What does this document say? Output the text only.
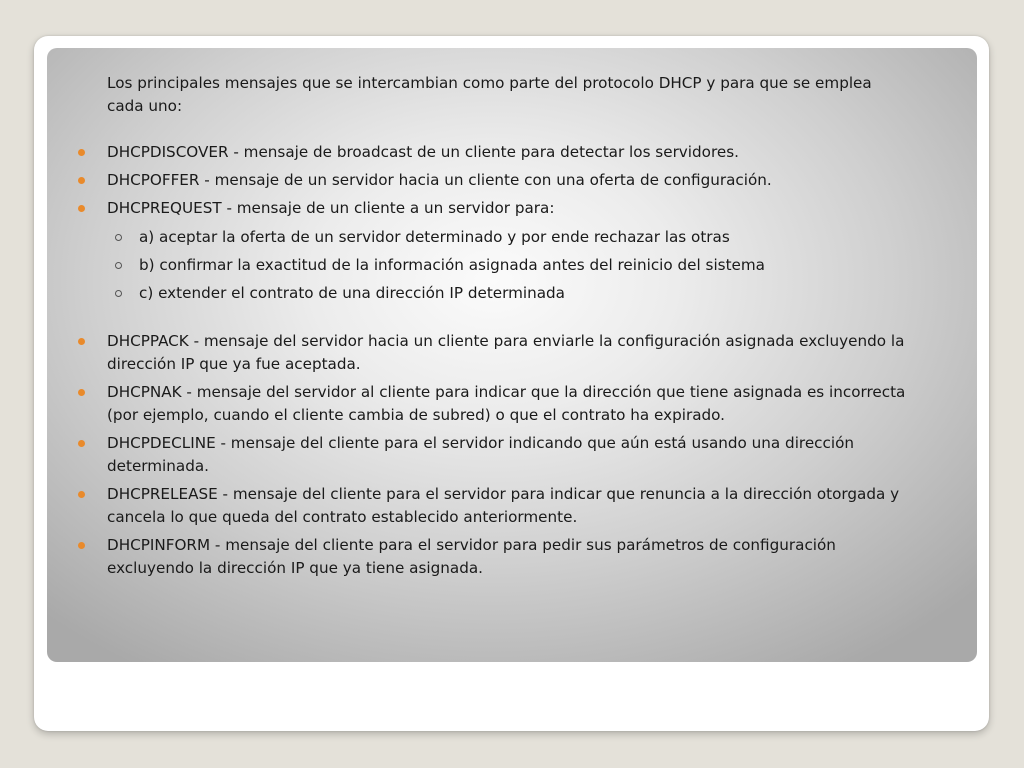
Los principales mensajes que se intercambian como parte del protocolo DHCP y para que se emplea cada uno:

DHCPDISCOVER - mensaje de broadcast de un cliente para detectar los servidores.
DHCPOFFER - mensaje de un servidor hacia un cliente con una oferta de configuración.
DHCPREQUEST - mensaje de un cliente a un servidor para:
a) aceptar la oferta de un servidor determinado y por ende rechazar las otras
b) confirmar la exactitud de la información asignada antes del reinicio del sistema
c) extender el contrato de una dirección IP determinada
DHCPPACK - mensaje del servidor hacia un cliente para enviarle la configuración asignada excluyendo la dirección IP que ya fue aceptada.
DHCPNAK - mensaje del servidor al cliente para indicar que la dirección que tiene asignada es incorrecta (por ejemplo, cuando el cliente cambia de subred) o que el contrato ha expirado.
DHCPDECLINE - mensaje del cliente para el servidor indicando que aún está usando una dirección determinada.
DHCPRELEASE - mensaje del cliente para el servidor para indicar que renuncia a la dirección otorgada y cancela lo que queda del contrato establecido anteriormente.
DHCPINFORM - mensaje del cliente para el servidor para pedir sus parámetros de configuración excluyendo la dirección IP que ya tiene asignada.
